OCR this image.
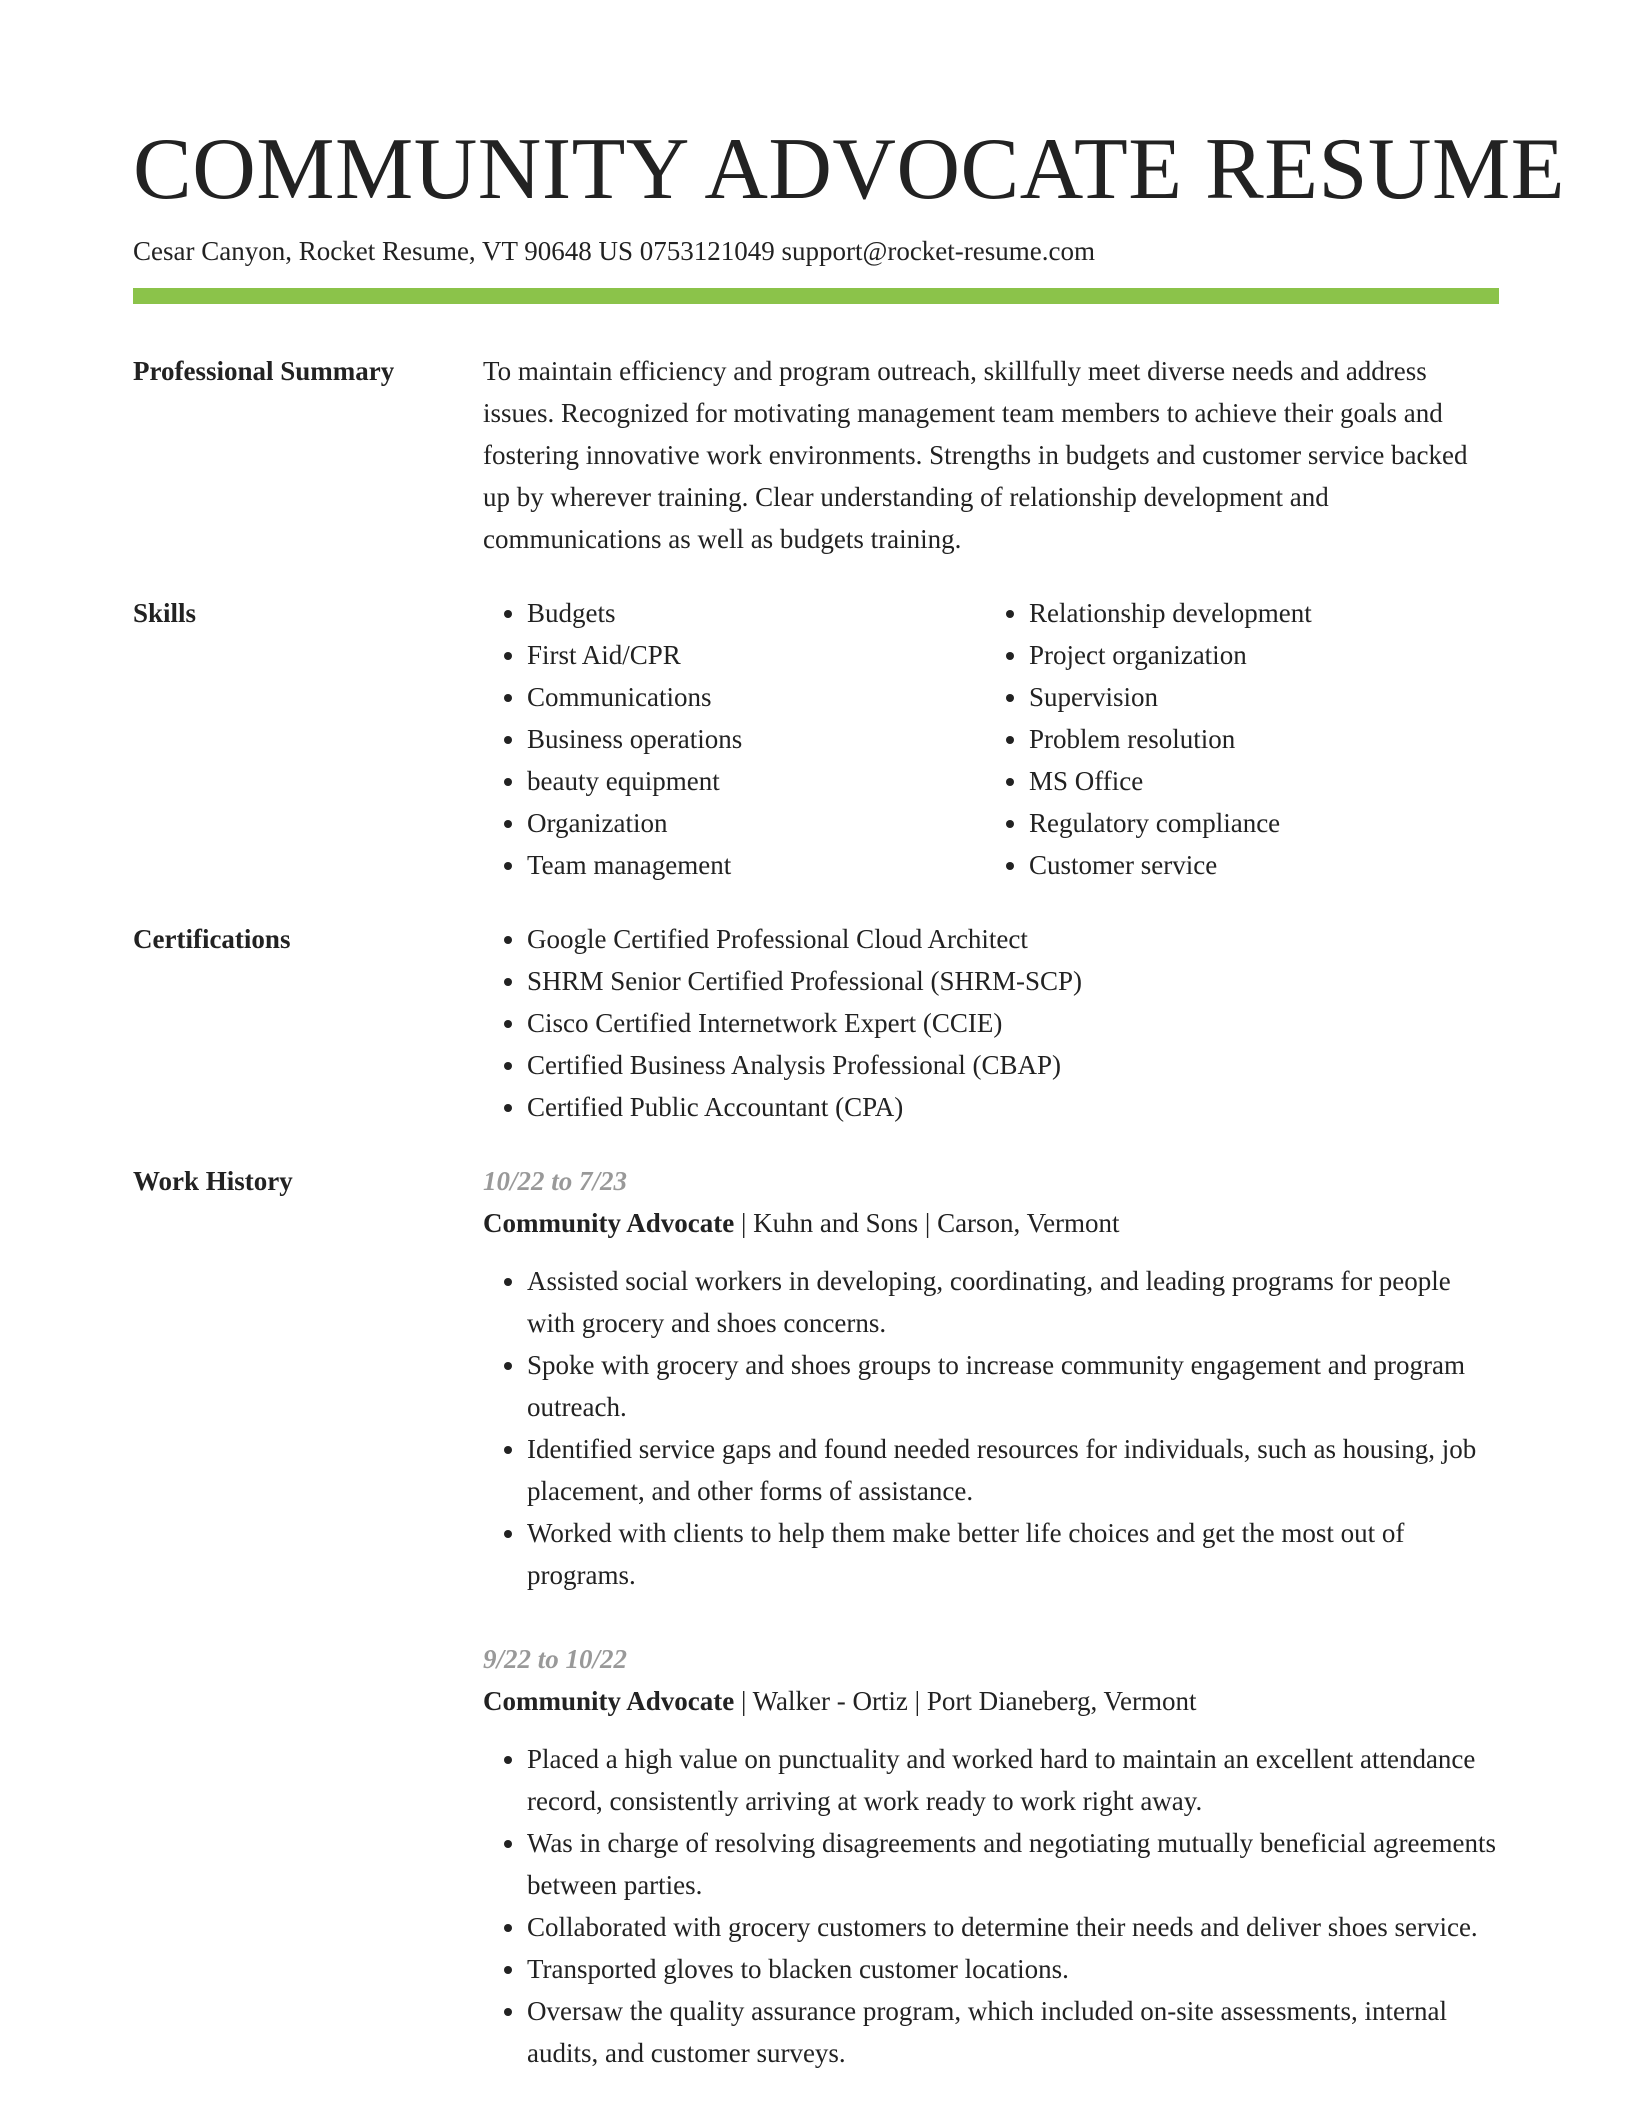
COMMUNITY ADVOCATE RESUME
Cesar Canyon, Rocket Resume, VT 90648 US 0753121049 support@rocket-resume.com
Professional Summary	To maintain efficiency and program outreach, skillfully meet diverse needs and address issues. Recognized for motivating management team members to achieve their goals and fostering innovative work environments. Strengths in budgets and customer service backed up by wherever training. Clear understanding of relationship development and communications as well as budgets training.

Skills	• Budgets
• First Aid/CPR
• Communications
• Business operations
• beauty equipment
• Organization
• Team management
• Relationship development
• Project organization
• Supervision
• Problem resolution
• MS Office
• Regulatory compliance
• Customer service
Certifications	• Google Certified Professional Cloud Architect
• SHRM Senior Certified Professional (SHRM-SCP)
• Cisco Certified Internetwork Expert (CCIE)
• Certified Business Analysis Professional (CBAP)
• Certified Public Accountant (CPA)
Work History	10/22 to 7/23
Community Advocate | Kuhn and Sons | Carson, Vermont
• Assisted social workers in developing, coordinating, and leading programs for people with grocery and shoes concerns.
• Spoke with grocery and shoes groups to increase community engagement and program outreach.
• Identified service gaps and found needed resources for individuals, such as housing, job placement, and other forms of assistance.
• Worked with clients to help them make better life choices and get the most out of programs.
9/22 to 10/22
Community Advocate | Walker - Ortiz | Port Dianeberg, Vermont
• Placed a high value on punctuality and worked hard to maintain an excellent attendance record, consistently arriving at work ready to work right away.
• Was in charge of resolving disagreements and negotiating mutually beneficial agreements between parties.
• Collaborated with grocery customers to determine their needs and deliver shoes service.
• Transported gloves to blacken customer locations.
• Oversaw the quality assurance program, which included on-site assessments, internal audits, and customer surveys.
